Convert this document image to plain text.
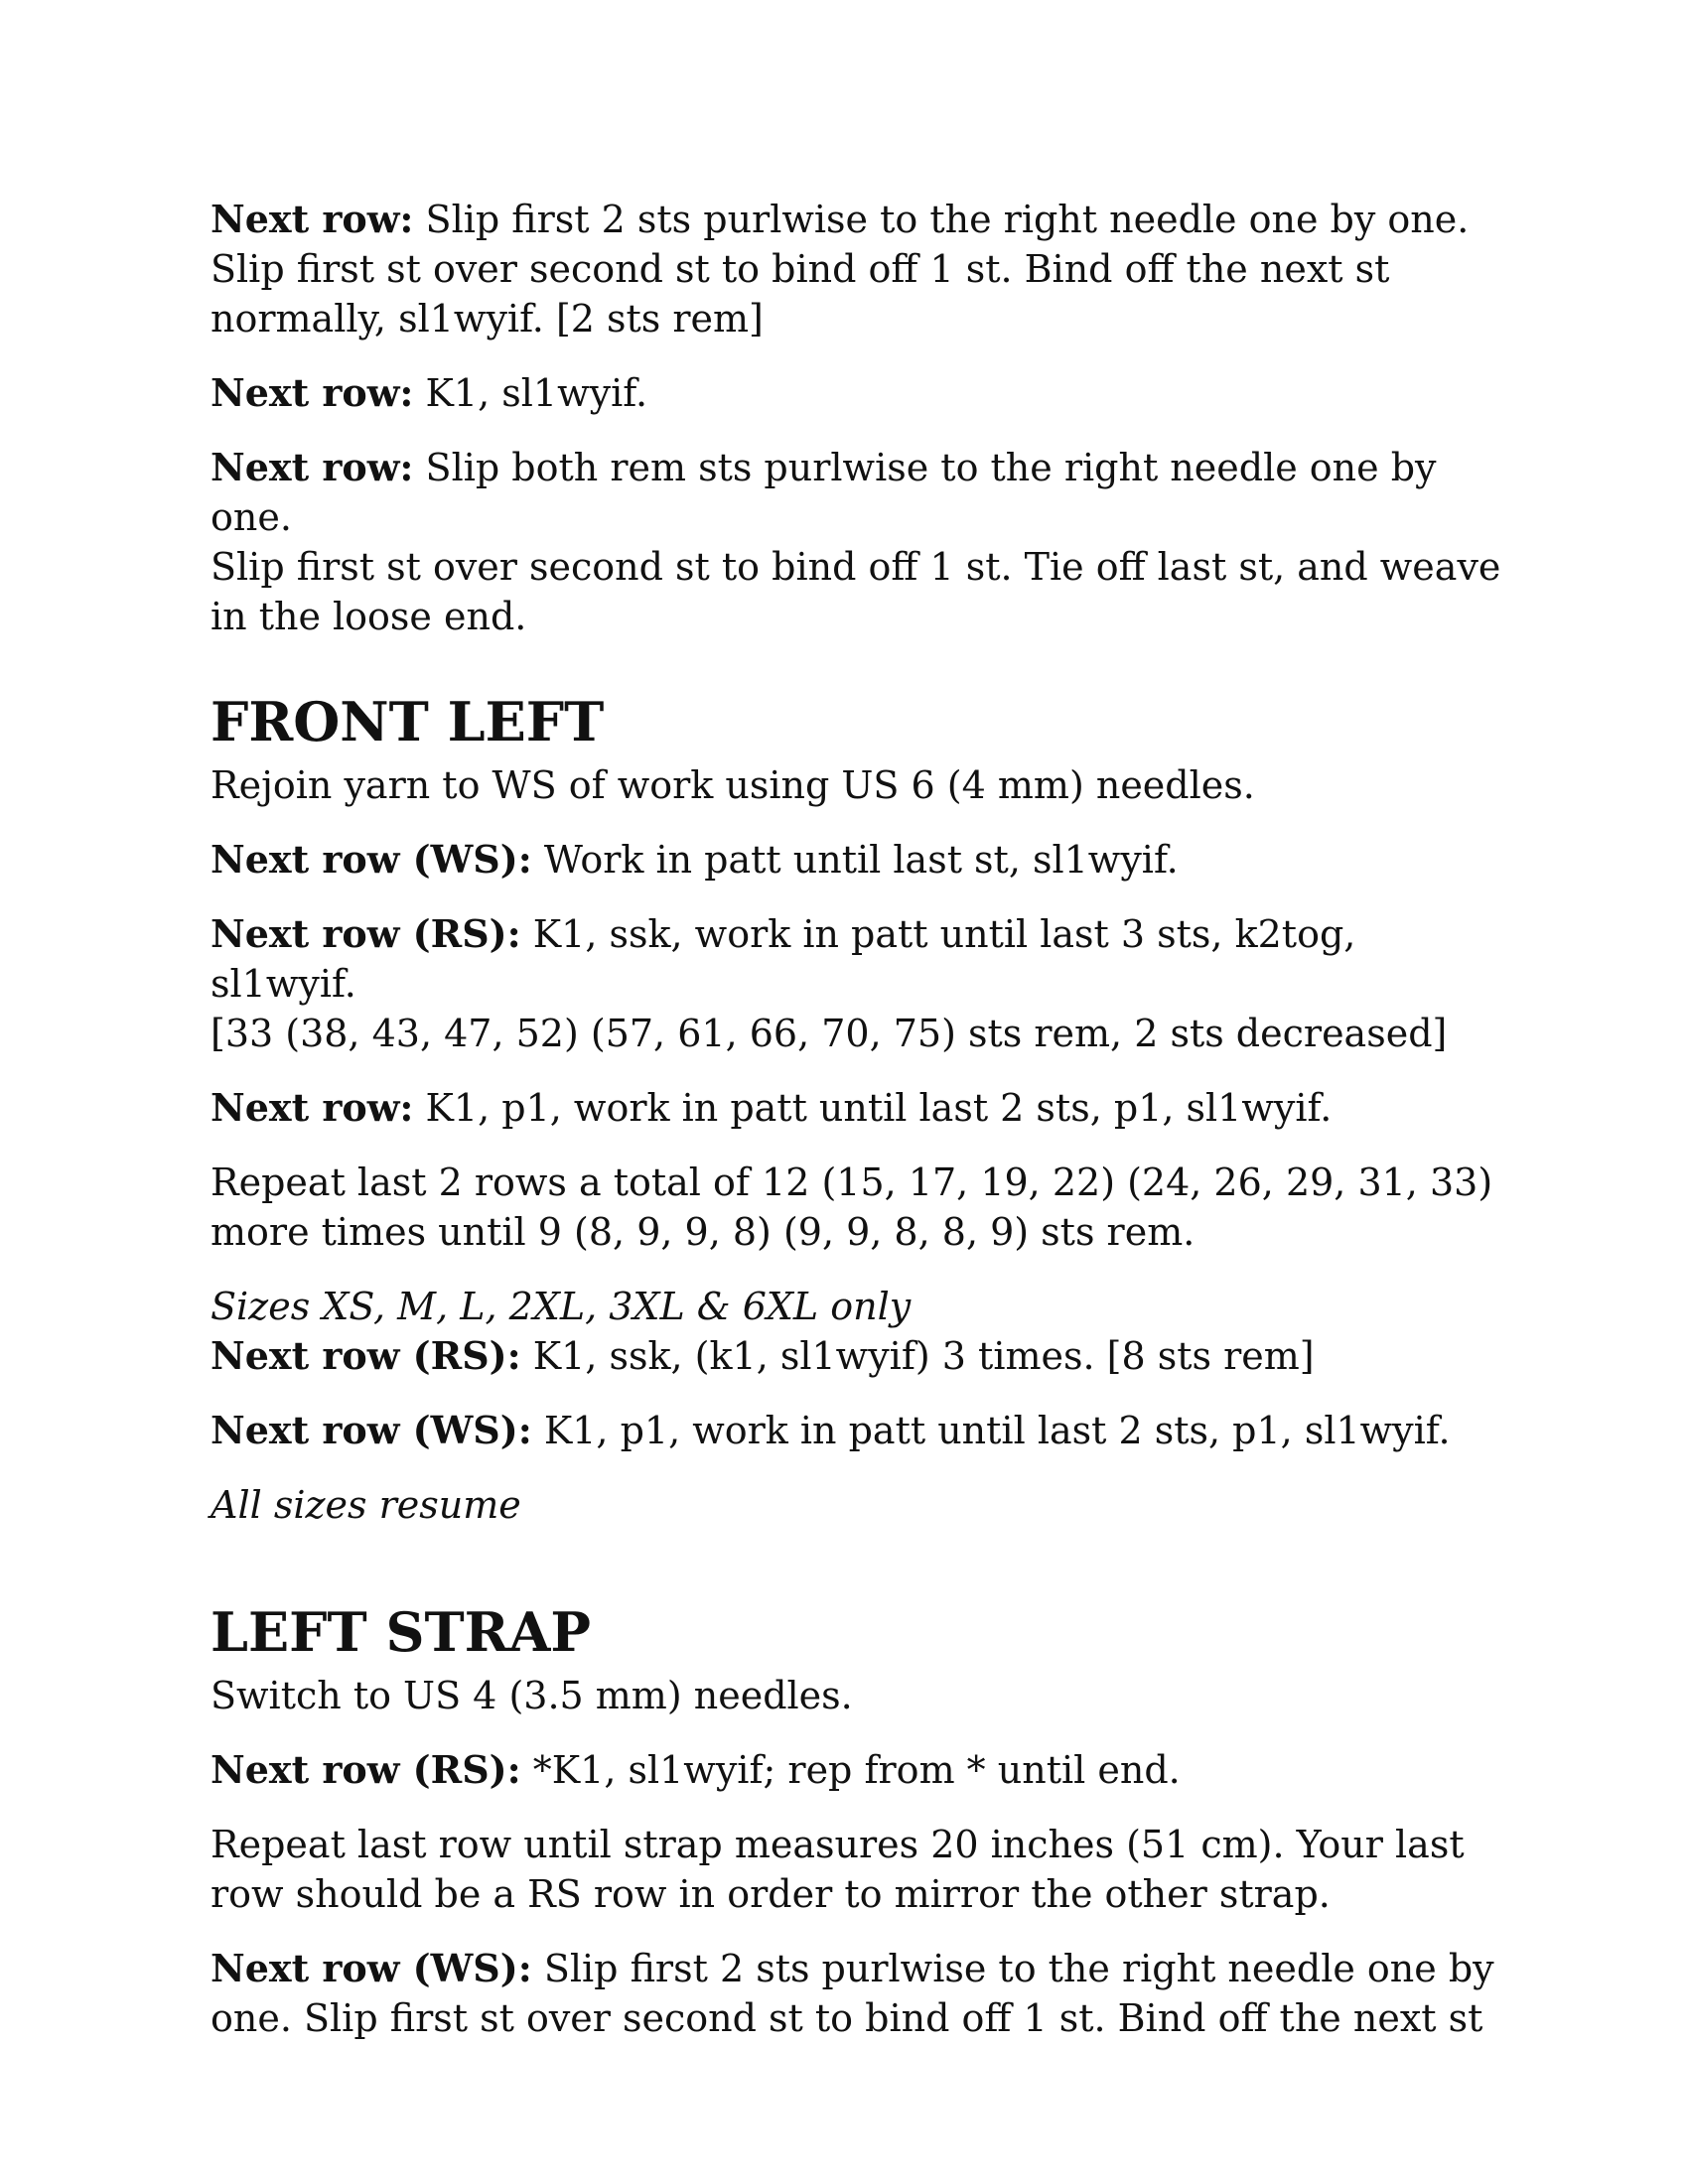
Next row: Slip first 2 sts purlwise to the right needle one by one.
Slip first st over second st to bind off 1 st. Bind off the next st
normally, sl1wyif. [2 sts rem]

Next row: K1, sl1wyif.

Next row: Slip both rem sts purlwise to the right needle one by one.
Slip first st over second st to bind off 1 st. Tie off last st, and weave
in the loose end.

FRONT LEFT

Rejoin yarn to WS of work using US 6 (4 mm) needles.

Next row (WS): Work in patt until last st, sl1wyif.

Next row (RS): K1, ssk, work in patt until last 3 sts, k2tog, sl1wyif.
[33 (38, 43, 47, 52) (57, 61, 66, 70, 75) sts rem, 2 sts decreased]

Next row: K1, p1, work in patt until last 2 sts, p1, sl1wyif.

Repeat last 2 rows a total of 12 (15, 17, 19, 22) (24, 26, 29, 31, 33)
more times until 9 (8, 9, 9, 8) (9, 9, 8, 8, 9) sts rem.

Sizes XS, M, L, 2XL, 3XL & 6XL only
Next row (RS): K1, ssk, (k1, sl1wyif) 3 times. [8 sts rem]

Next row (WS): K1, p1, work in patt until last 2 sts, p1, sl1wyif.

All sizes resume

LEFT STRAP

Switch to US 4 (3.5 mm) needles.

Next row (RS): *K1, sl1wyif; rep from * until end.

Repeat last row until strap measures 20 inches (51 cm). Your last
row should be a RS row in order to mirror the other strap.

Next row (WS): Slip first 2 sts purlwise to the right needle one by
one. Slip first st over second st to bind off 1 st. Bind off the next st
